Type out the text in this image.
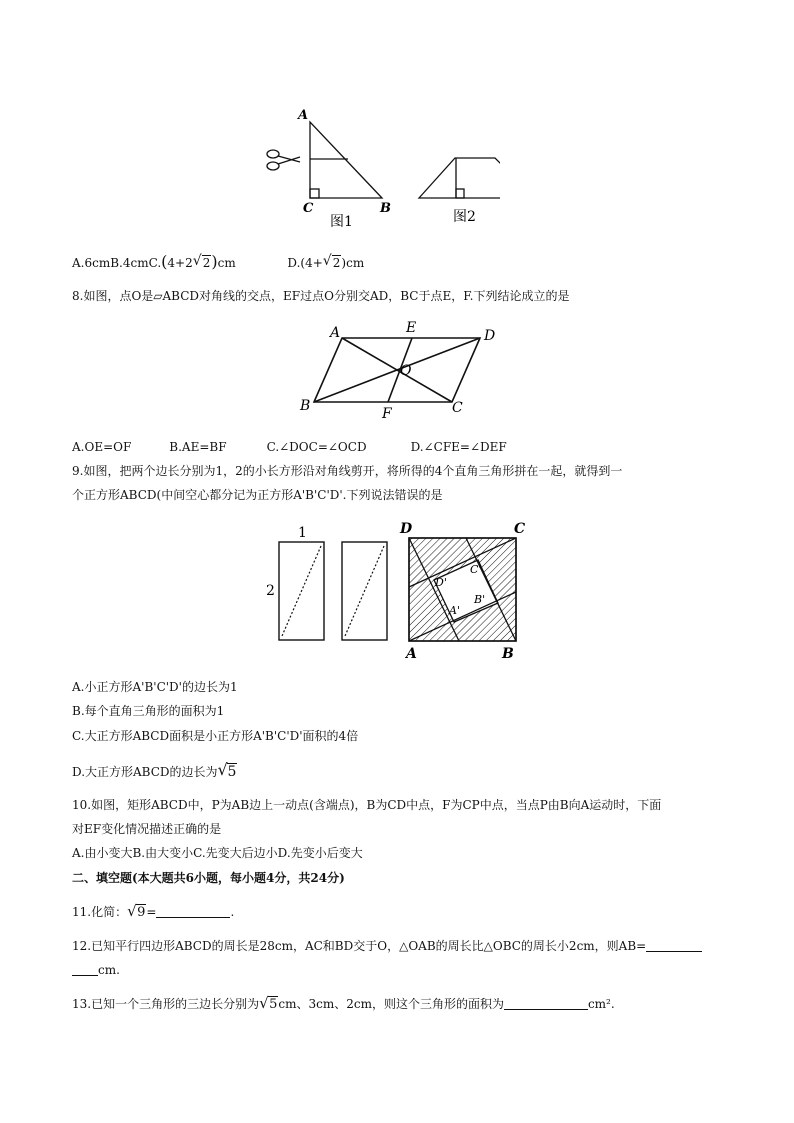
A
C	B
图1	图2
A.6cmB.4cmC.(4+2 √ 2)cm	D.(4+ √ 2)cm
8.如图，点O是▱ABCD对角线的交点，EF过点O分别交AD，BC于点E，F.下列结论成立的是
A	E	D
O
B	F	C
A.OE=OF	B.AE=BF	C.∠DOC=∠OCD	D.∠CFE=∠DEF
9.如图，把两个边长分别为1，2的小长方形沿对角线剪开，将所得的4个直角三角形拼在一起，就得到一
个正方形ABCD(中间空心都分记为正方形A'B'C'D'.下列说法错误的是
1
2
D	C
A	B
D'
C'
B'
A'
A.小正方形A'B'C'D'的边长为1
B.每个直角三角形的面积为1
C.大正方形ABCD面积是小正方形A'B'C'D'面积的4倍
D.大正方形ABCD的边长为 √ 5
10.如图，矩形ABCD中，P为AB边上一动点(含端点)，B为CD中点，F为CP中点，当点P由B向A运动时，下面
对EF变化情况描述正确的是
A.由小变大B.由大变小C.先变大后边小D.先变小后变大
二、填空题(本大题共6小题，每小题4分，共24分)
11.化简： √ 9=	.
12.已知平行四边形ABCD的周长是28cm，AC和BD交于O，△OAB的周长比△OBC的周长小2cm，则AB=
cm.
13.已知一个三角形的三边长分别为 √ 5cm、3cm、2cm，则这个三角形的面积为	cm².
